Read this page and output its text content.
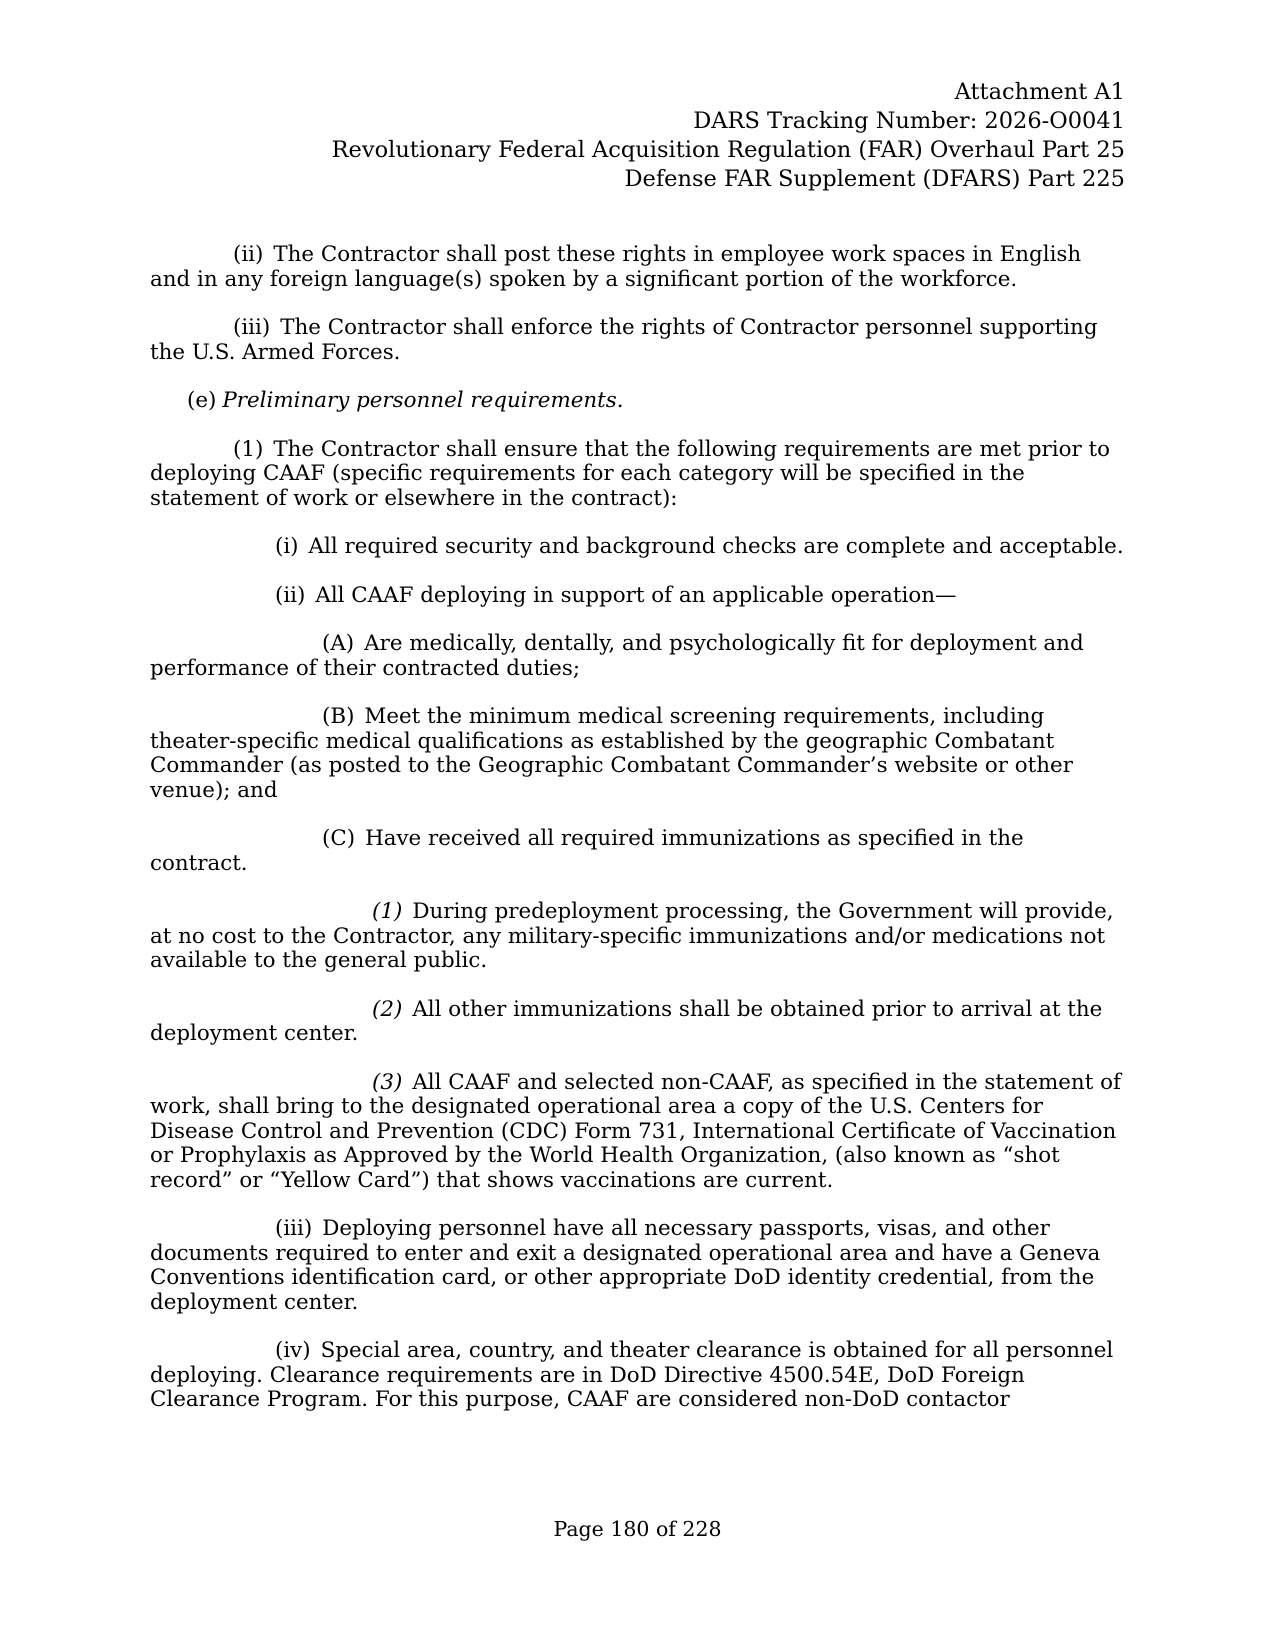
Attachment A1
DARS Tracking Number: 2026-O0041
Revolutionary Federal Acquisition Regulation (FAR) Overhaul Part 25
Defense FAR Supplement (DFARS) Part 225

(ii) The Contractor shall post these rights in employee work spaces in English and in any foreign language(s) spoken by a significant portion of the workforce.

(iii) The Contractor shall enforce the rights of Contractor personnel supporting the U.S. Armed Forces.

(e) Preliminary personnel requirements.

(1) The Contractor shall ensure that the following requirements are met prior to deploying CAAF (specific requirements for each category will be specified in the statement of work or elsewhere in the contract):

(i) All required security and background checks are complete and acceptable.

(ii) All CAAF deploying in support of an applicable operation—

(A) Are medically, dentally, and psychologically fit for deployment and performance of their contracted duties;

(B) Meet the minimum medical screening requirements, including theater-specific medical qualifications as established by the geographic Combatant Commander (as posted to the Geographic Combatant Commander’s website or other venue); and

(C) Have received all required immunizations as specified in the contract.

(1) During predeployment processing, the Government will provide, at no cost to the Contractor, any military-specific immunizations and/or medications not available to the general public.

(2) All other immunizations shall be obtained prior to arrival at the deployment center.

(3) All CAAF and selected non-CAAF, as specified in the statement of work, shall bring to the designated operational area a copy of the U.S. Centers for Disease Control and Prevention (CDC) Form 731, International Certificate of Vaccination or Prophylaxis as Approved by the World Health Organization, (also known as “shot record” or “Yellow Card”) that shows vaccinations are current.

(iii) Deploying personnel have all necessary passports, visas, and other documents required to enter and exit a designated operational area and have a Geneva Conventions identification card, or other appropriate DoD identity credential, from the deployment center.

(iv) Special area, country, and theater clearance is obtained for all personnel deploying. Clearance requirements are in DoD Directive 4500.54E, DoD Foreign Clearance Program. For this purpose, CAAF are considered non-DoD contactor

Page 180 of 228
